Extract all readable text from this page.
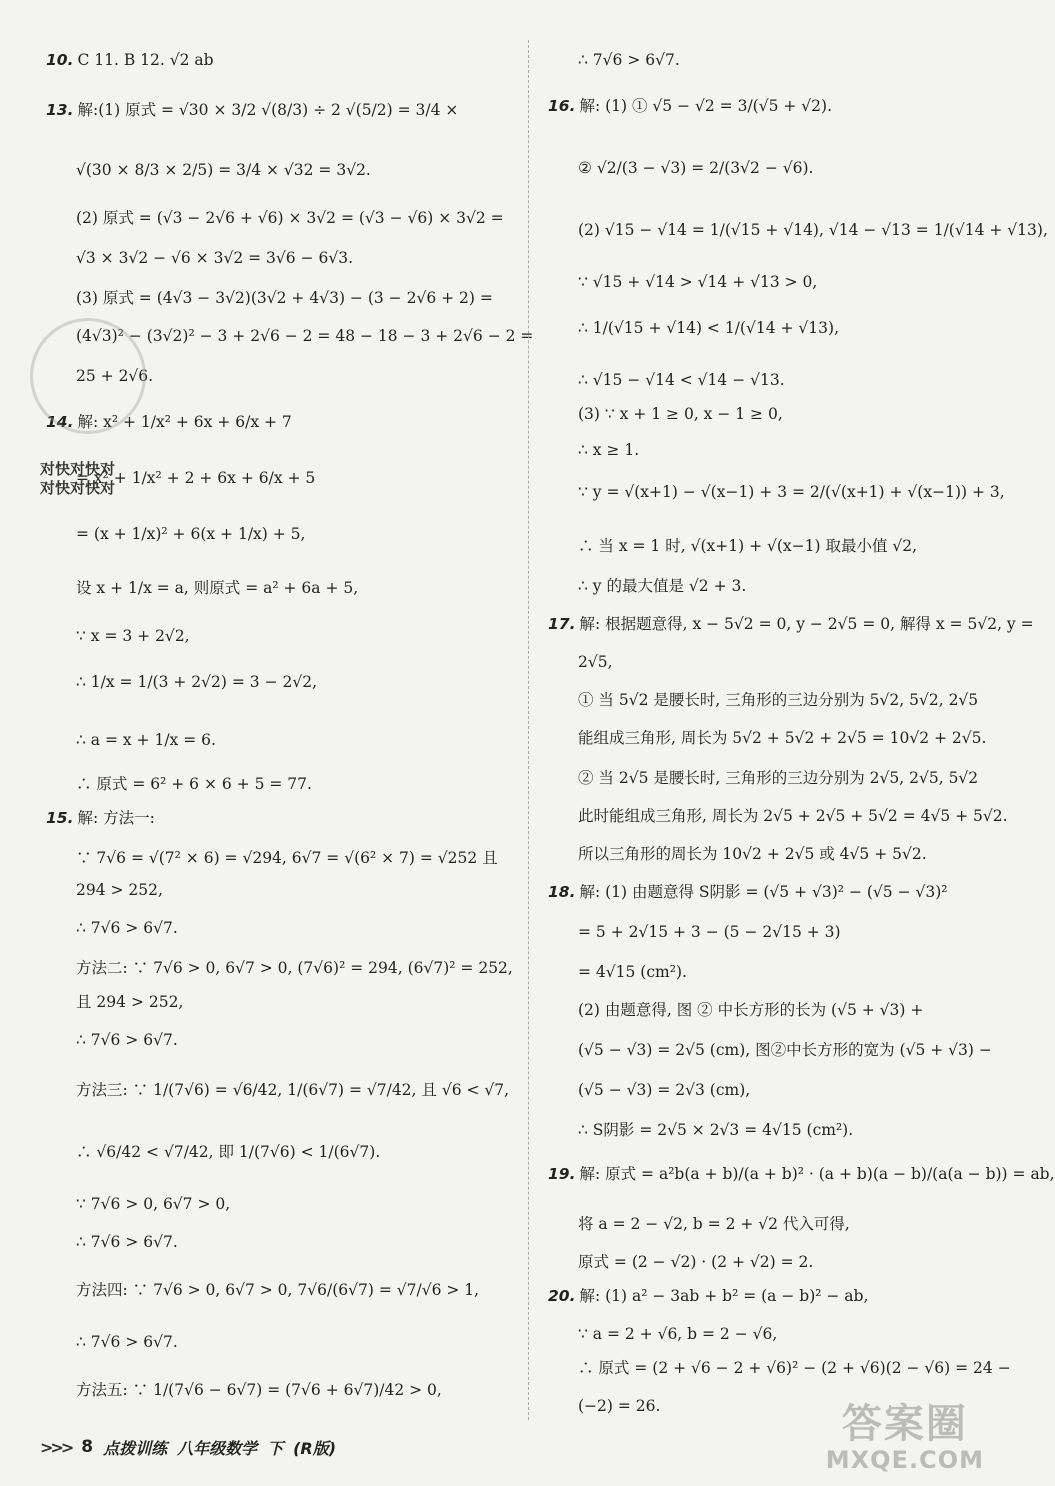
10. C 11. B 12. √2 ab
13. 解:(1) 原式 = √30 × 3/2 √(8/3) ÷ 2 √(5/2) = 3/4 ×
√(30 × 8/3 × 2/5) = 3/4 × √32 = 3√2.
(2) 原式 = (√3 − 2√6 + √6) × 3√2 = (√3 − √6) × 3√2 =
√3 × 3√2 − √6 × 3√2 = 3√6 − 6√3.
(3) 原式 = (4√3 − 3√2)(3√2 + 4√3) − (3 − 2√6 + 2) =
(4√3)² − (3√2)² − 3 + 2√6 − 2 = 48 − 18 − 3 + 2√6 − 2 =
25 + 2√6.
14. 解: x² + 1/x² + 6x + 6/x + 7
= x² + 1/x² + 2 + 6x + 6/x + 5
= (x + 1/x)² + 6(x + 1/x) + 5,
设 x + 1/x = a, 则原式 = a² + 6a + 5,
∵ x = 3 + 2√2,
∴ 1/x = 1/(3 + 2√2) = 3 − 2√2,
∴ a = x + 1/x = 6.
∴ 原式 = 6² + 6 × 6 + 5 = 77.
15. 解: 方法一:
∵ 7√6 = √(7² × 6) = √294, 6√7 = √(6² × 7) = √252 且
294 > 252,
∴ 7√6 > 6√7.
方法二: ∵ 7√6 > 0, 6√7 > 0, (7√6)² = 294, (6√7)² = 252,
且 294 > 252,
∴ 7√6 > 6√7.
方法三: ∵ 1/(7√6) = √6/42, 1/(6√7) = √7/42, 且 √6 < √7,
∴ √6/42 < √7/42, 即 1/(7√6) < 1/(6√7).
∵ 7√6 > 0, 6√7 > 0,
∴ 7√6 > 6√7.
方法四: ∵ 7√6 > 0, 6√7 > 0, 7√6/(6√7) = √7/√6 > 1,
∴ 7√6 > 6√7.
方法五: ∵ 1/(7√6 − 6√7) = (7√6 + 6√7)/42 > 0,
∴ 7√6 > 6√7.
16. 解: (1) ① √5 − √2 = 3/(√5 + √2).
② √2/(3 − √3) = 2/(3√2 − √6).
(2) √15 − √14 = 1/(√15 + √14), √14 − √13 = 1/(√14 + √13),
∵ √15 + √14 > √14 + √13 > 0,
∴ 1/(√15 + √14) < 1/(√14 + √13),
∴ √15 − √14 < √14 − √13.
(3) ∵ x + 1 ≥ 0, x − 1 ≥ 0,
∴ x ≥ 1.
∵ y = √(x+1) − √(x−1) + 3 = 2/(√(x+1) + √(x−1)) + 3,
∴ 当 x = 1 时, √(x+1) + √(x−1) 取最小值 √2,
∴ y 的最大值是 √2 + 3.
17. 解: 根据题意得, x − 5√2 = 0, y − 2√5 = 0, 解得 x = 5√2, y =
2√5,
① 当 5√2 是腰长时, 三角形的三边分别为 5√2, 5√2, 2√5
能组成三角形, 周长为 5√2 + 5√2 + 2√5 = 10√2 + 2√5.
② 当 2√5 是腰长时, 三角形的三边分别为 2√5, 2√5, 5√2
此时能组成三角形, 周长为 2√5 + 2√5 + 5√2 = 4√5 + 5√2.
所以三角形的周长为 10√2 + 2√5 或 4√5 + 5√2.
18. 解: (1) 由题意得 S阴影 = (√5 + √3)² − (√5 − √3)²
= 5 + 2√15 + 3 − (5 − 2√15 + 3)
= 4√15 (cm²).
(2) 由题意得, 图 ② 中长方形的长为 (√5 + √3) +
(√5 − √3) = 2√5 (cm), 图②中长方形的宽为 (√5 + √3) −
(√5 − √3) = 2√3 (cm),
∴ S阴影 = 2√5 × 2√3 = 4√15 (cm²).
19. 解: 原式 = a²b(a + b)/(a + b)² · (a + b)(a − b)/(a(a − b)) = ab,
将 a = 2 − √2, b = 2 + √2 代入可得,
原式 = (2 − √2) · (2 + √2) = 2.
20. 解: (1) a² − 3ab + b² = (a − b)² − ab,
∵ a = 2 + √6, b = 2 − √6,
∴ 原式 = (2 + √6 − 2 + √6)² − (2 + √6)(2 − √6) = 24 −
(−2) = 26.
对快对快对
对快对快对
>>> 8 点拨训练 八年级数学 下 (R版)
答案圈
MXQE.COM
